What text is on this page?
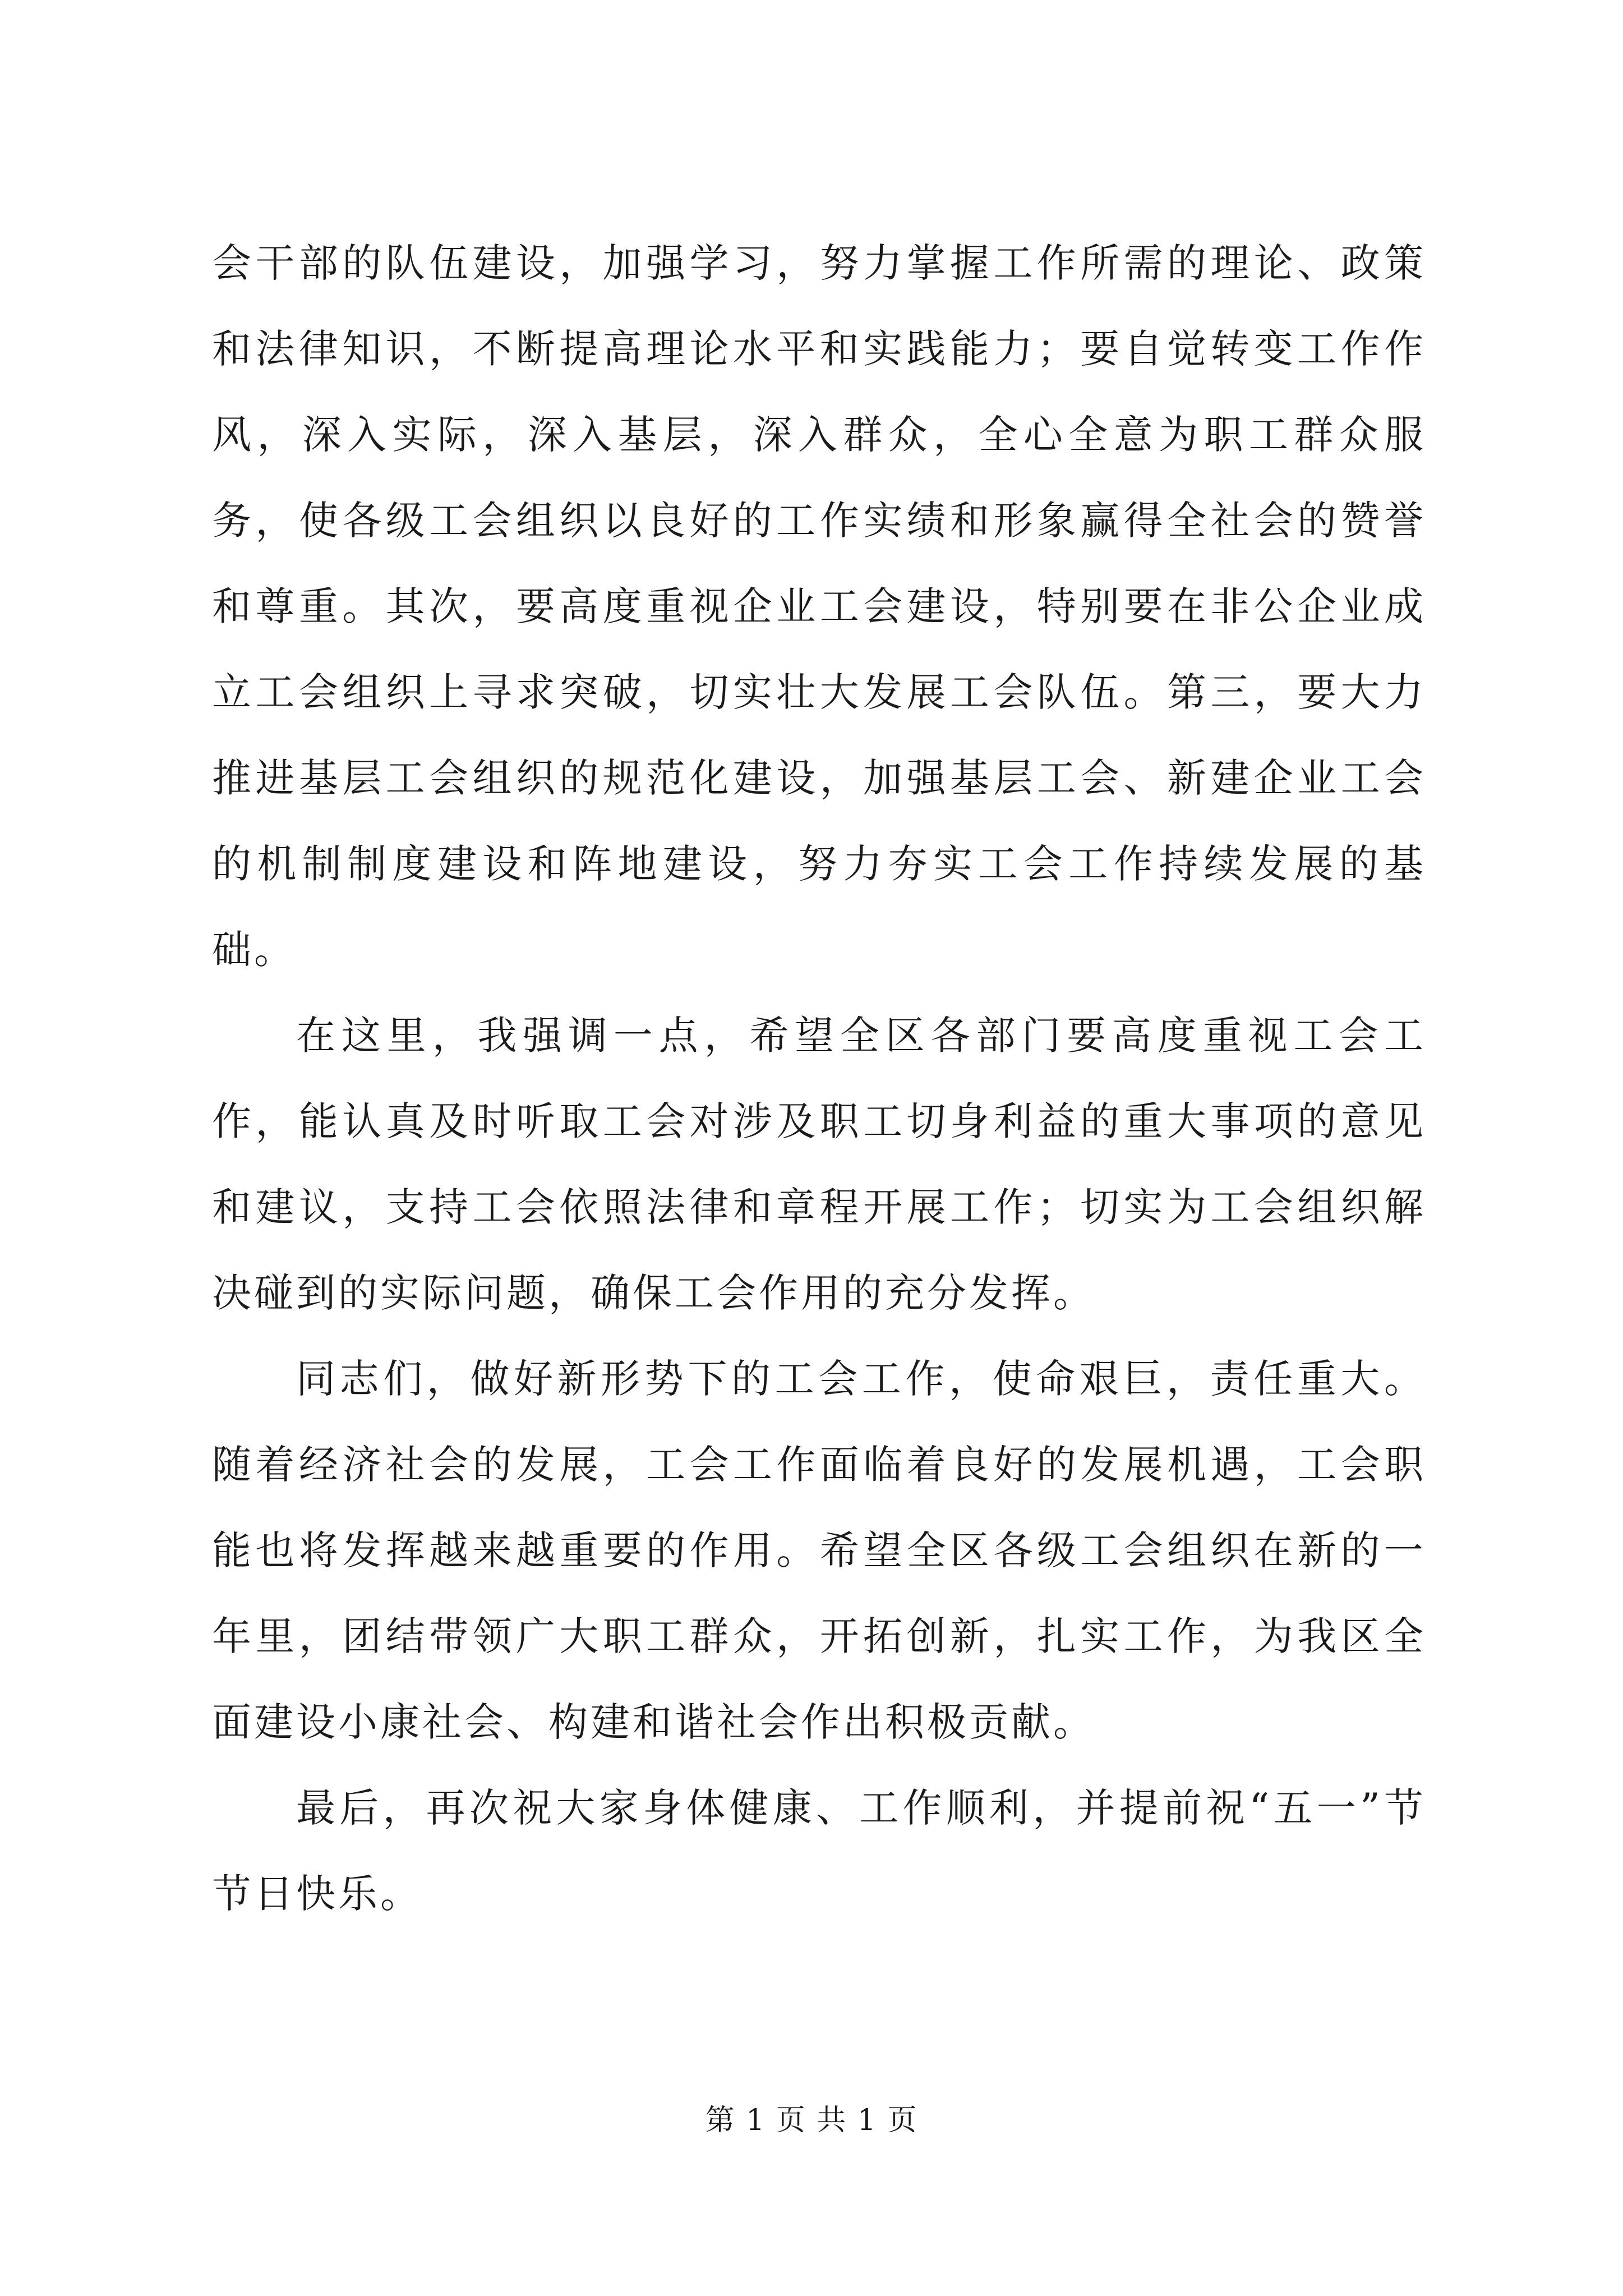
会干部的队伍建设，加强学习，努力掌握工作所需的理论、政策和法律知识，不断提高理论水平和实践能力；要自觉转变工作作风，深入实际，深入基层，深入群众，全心全意为职工群众服务，使各级工会组织以良好的工作实绩和形象赢得全社会的赞誉和尊重。其次，要高度重视企业工会建设，特别要在非公企业成立工会组织上寻求突破，切实壮大发展工会队伍。第三，要大力推进基层工会组织的规范化建设，加强基层工会、新建企业工会的机制制度建设和阵地建设，努力夯实工会工作持续发展的基础。

在这里，我强调一点，希望全区各部门要高度重视工会工作，能认真及时听取工会对涉及职工切身利益的重大事项的意见和建议，支持工会依照法律和章程开展工作；切实为工会组织解决碰到的实际问题，确保工会作用的充分发挥。

同志们，做好新形势下的工会工作，使命艰巨，责任重大。随着经济社会的发展，工会工作面临着良好的发展机遇，工会职能也将发挥越来越重要的作用。希望全区各级工会组织在新的一年里，团结带领广大职工群众，开拓创新，扎实工作，为我区全面建设小康社会、构建和谐社会作出积极贡献。

最后，再次祝大家身体健康、工作顺利，并提前祝“五一”节节日快乐。

第 1 页 共 1 页
